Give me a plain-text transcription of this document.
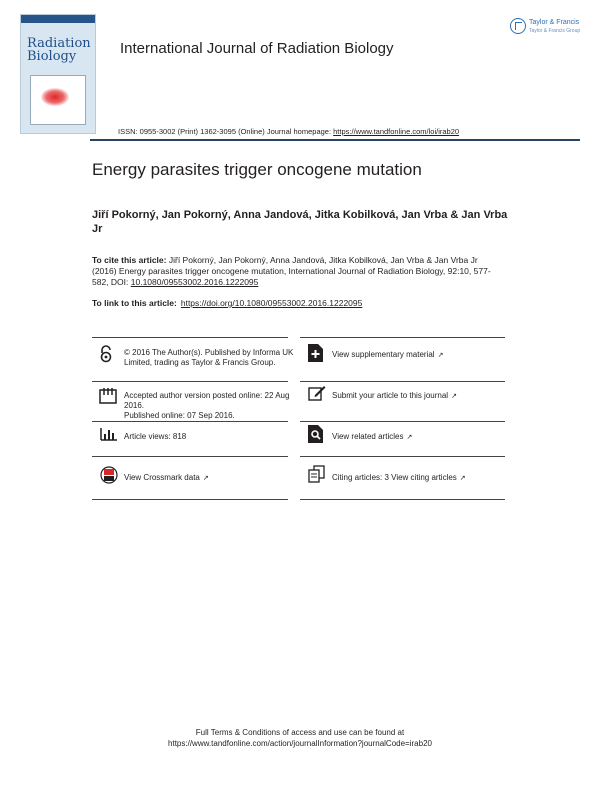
Radiation
Biology	International Journal of Radiation Biology
Taylor & Francis
Taylor & Francis Group
ISSN: 0955-3002 (Print) 1362-3095 (Online) Journal homepage: https://www.tandfonline.com/loi/irab20
Energy parasites trigger oncogene mutation
Jiří Pokorný, Jan Pokorný, Anna Jandová, Jitka Kobilková, Jan Vrba & Jan Vrba Jr
To cite this article: Jiří Pokorný, Jan Pokorný, Anna Jandová, Jitka Kobilková, Jan Vrba & Jan Vrba Jr (2016) Energy parasites trigger oncogene mutation, International Journal of Radiation Biology, 92:10, 577-582, DOI: 10.1080/09553002.2016.1222095
To link to this article: https://doi.org/10.1080/09553002.2016.1222095
© 2016 The Author(s). Published by Informa UK Limited, trading as Taylor & Francis Group.
Accepted author version posted online: 22 Aug 2016.
Published online: 07 Sep 2016.
Article views: 818
View Crossmark data ↗
View supplementary material ↗
Submit your article to this journal ↗
View related articles ↗
Citing articles: 3 View citing articles ↗
Full Terms & Conditions of access and use can be found at
https://www.tandfonline.com/action/journalInformation?journalCode=irab20
